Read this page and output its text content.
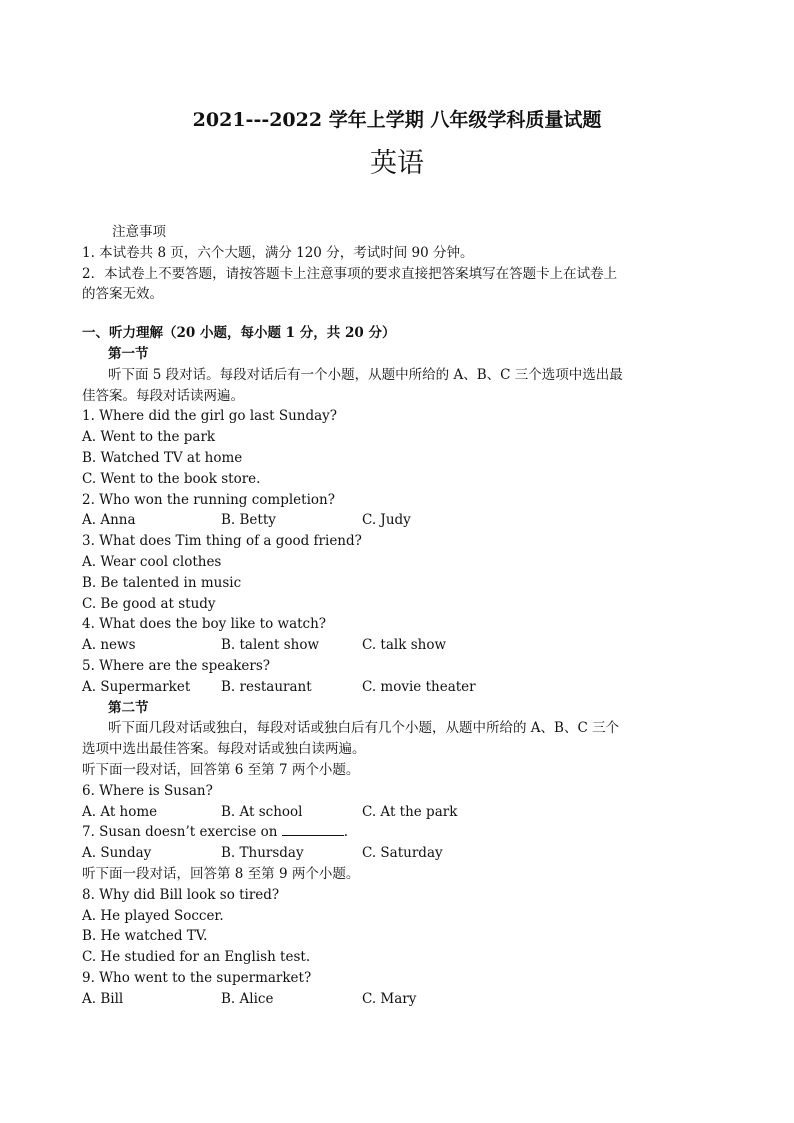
2021---2022 学年上学期 八年级学科质量试题
英语
注意事项
1. 本试卷共 8 页，六个大题，满分 120 分，考试时间 90 分钟。
2．本试卷上不要答题，请按答题卡上注意事项的要求直接把答案填写在答题卡上在试卷上
的答案无效。
一、听力理解（20 小题，每小题 1 分，共 20 分）
第一节
听下面 5 段对话。每段对话后有一个小题，从题中所给的 A、B、C 三个选项中选出最
佳答案。每段对话读两遍。
1. Where did the girl go last Sunday?
A. Went to the park
B. Watched TV at home
C. Went to the book store.
2. Who won the running completion?
A. Anna	B. Betty	C. Judy
3. What does Tim thing of a good friend?
A. Wear cool clothes
B. Be talented in music
C. Be good at study
4. What does the boy like to watch?
A. news	B. talent show	C. talk show
5. Where are the speakers?
A. Supermarket	B. restaurant	C. movie theater
第二节
听下面几段对话或独白，每段对话或独白后有几个小题，从题中所给的 A、B、C 三个
选项中选出最佳答案。每段对话或独白读两遍。
听下面一段对话，回答第 6 至第 7 两个小题。
6. Where is Susan?
A. At home	B. At school	C. At the park
7. Susan doesn’t exercise on	.
A. Sunday	B. Thursday	C. Saturday
听下面一段对话，回答第 8 至第 9 两个小题。
8. Why did Bill look so tired?
A. He played Soccer.
B. He watched TV.
C. He studied for an English test.
9. Who went to the supermarket?
A. Bill	B. Alice	C. Mary
